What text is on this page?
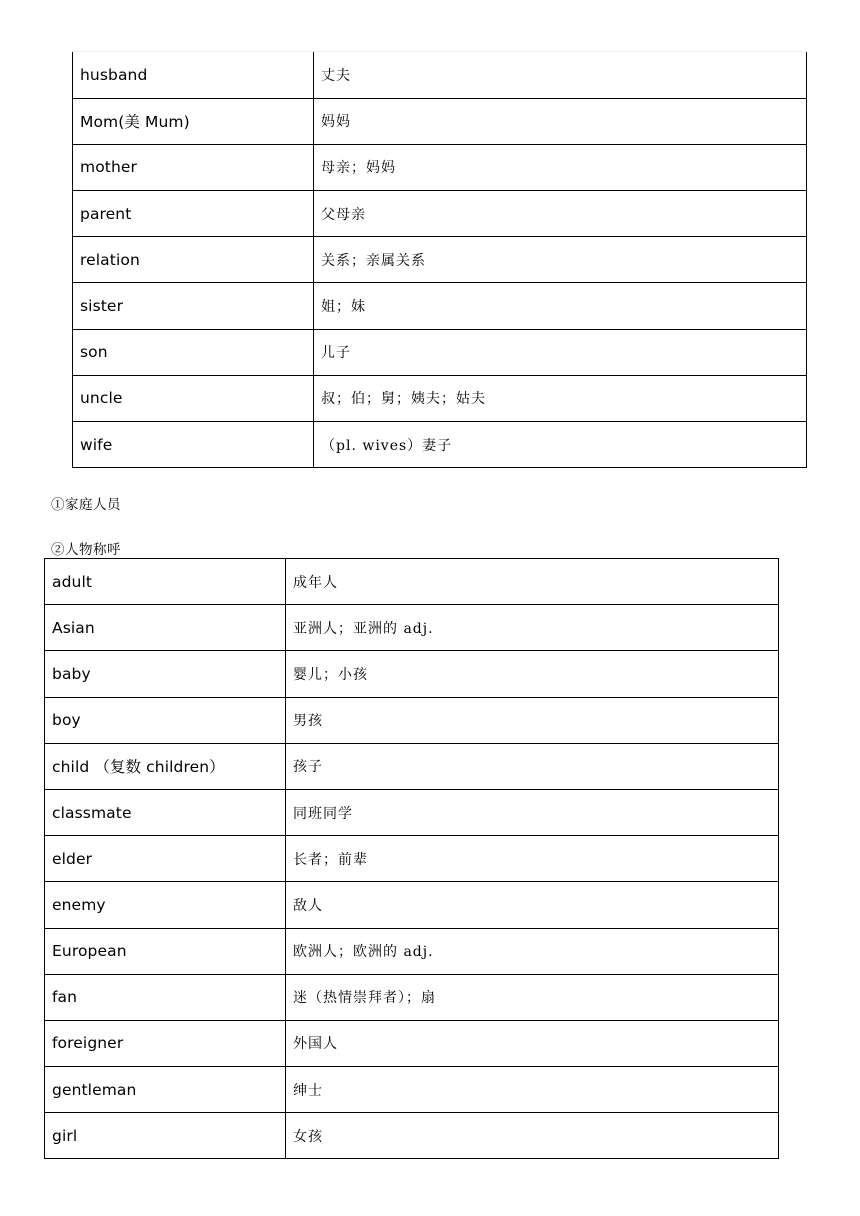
husband	丈夫
Mom(美 Mum)	妈妈
mother	母亲；妈妈
parent	父母亲
relation	关系；亲属关系
sister	姐；妹
son	儿子
uncle	叔；伯；舅；姨夫；姑夫
wife	（pl. wives）妻子
①家庭人员
②人物称呼
adult	成年人
Asian	亚洲人；亚洲的 adj.
baby	婴儿；小孩
boy	男孩
child （复数 children）	孩子
classmate	同班同学
elder	长者；前辈
enemy	敌人
European	欧洲人；欧洲的 adj.
fan	迷（热情崇拜者）；扇
foreigner	外国人
gentleman	绅士
girl	女孩
